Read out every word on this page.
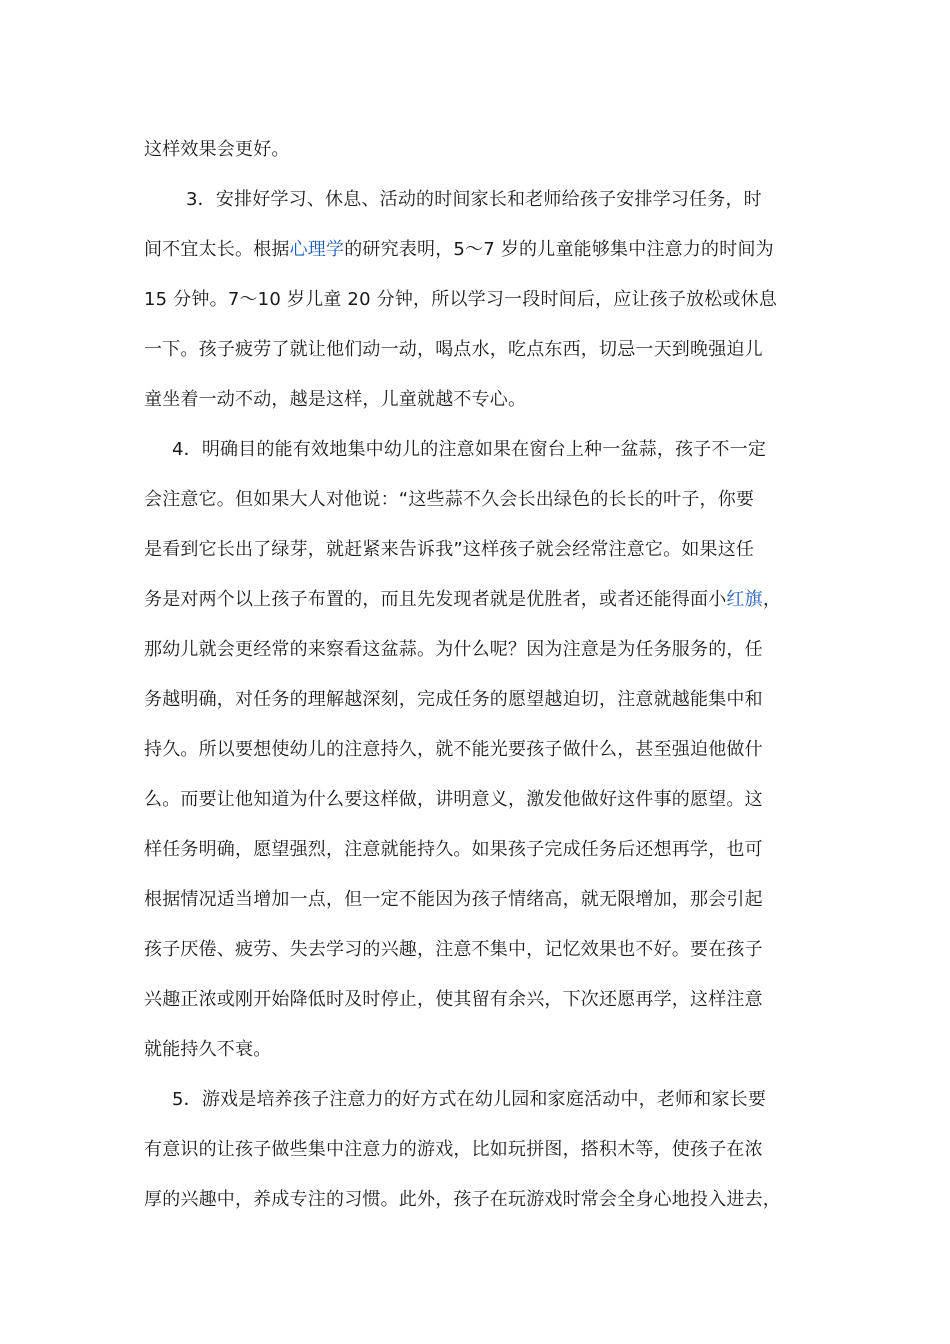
这样效果会更好。
3．安排好学习、休息、活动的时间家长和老师给孩子安排学习任务，时
间不宜太长。根据心理学的研究表明，5～7 岁的儿童能够集中注意力的时间为
15 分钟。7～10 岁儿童 20 分钟，所以学习一段时间后，应让孩子放松或休息
一下。孩子疲劳了就让他们动一动，喝点水，吃点东西，切忌一天到晚强迫儿
童坐着一动不动，越是这样，儿童就越不专心。
4．明确目的能有效地集中幼儿的注意如果在窗台上种一盆蒜，孩子不一定
会注意它。但如果大人对他说：“这些蒜不久会长出绿色的长长的叶子，你要
是看到它长出了绿芽，就赶紧来告诉我”这样孩子就会经常注意它。如果这任
务是对两个以上孩子布置的，而且先发现者就是优胜者，或者还能得面小红旗，
那幼儿就会更经常的来察看这盆蒜。为什么呢？因为注意是为任务服务的，任
务越明确，对任务的理解越深刻，完成任务的愿望越迫切，注意就越能集中和
持久。所以要想使幼儿的注意持久，就不能光要孩子做什么，甚至强迫他做什
么。而要让他知道为什么要这样做，讲明意义，激发他做好这件事的愿望。这
样任务明确，愿望强烈，注意就能持久。如果孩子完成任务后还想再学，也可
根据情况适当增加一点，但一定不能因为孩子情绪高，就无限增加，那会引起
孩子厌倦、疲劳、失去学习的兴趣，注意不集中，记忆效果也不好。要在孩子
兴趣正浓或刚开始降低时及时停止，使其留有余兴，下次还愿再学，这样注意
就能持久不衰。
5．游戏是培养孩子注意力的好方式在幼儿园和家庭活动中，老师和家长要
有意识的让孩子做些集中注意力的游戏，比如玩拼图，搭积木等，使孩子在浓
厚的兴趣中，养成专注的习惯。此外，孩子在玩游戏时常会全身心地投入进去，
